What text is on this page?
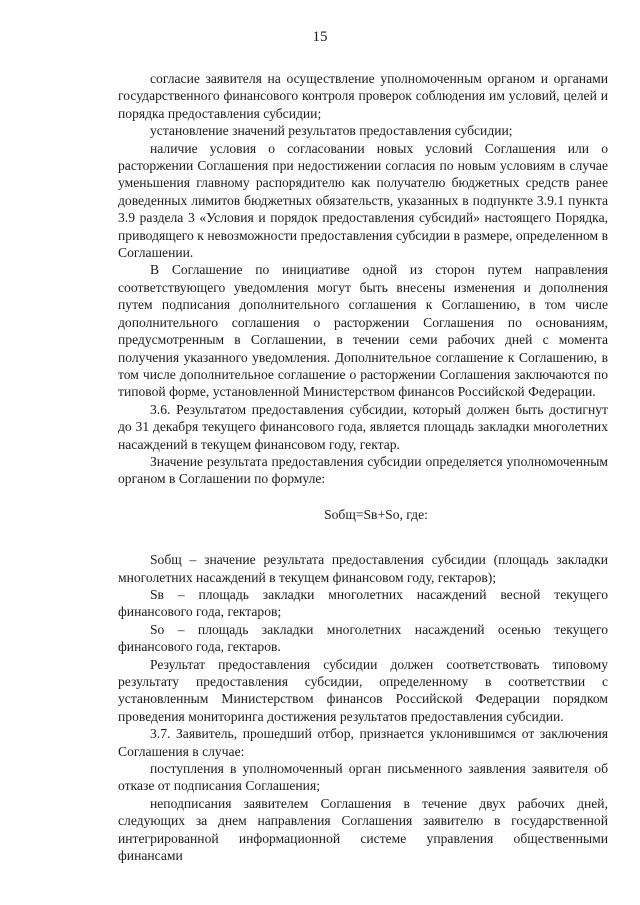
15

согласие заявителя на осуществление уполномоченным органом и органами государственного финансового контроля проверок соблюдения им условий, целей и порядка предоставления субсидии;

установление значений результатов предоставления субсидии;

наличие условия о согласовании новых условий Соглашения или о расторжении Соглашения при недостижении согласия по новым условиям в случае уменьшения главному распорядителю как получателю бюджетных средств ранее доведенных лимитов бюджетных обязательств, указанных в подпункте 3.9.1 пункта 3.9 раздела 3 «Условия и порядок предоставления субсидий» настоящего Порядка, приводящего к невозможности предоставления субсидии в размере, определенном в Соглашении.

В Соглашение по инициативе одной из сторон путем направления соответствующего уведомления могут быть внесены изменения и дополнения путем подписания дополнительного соглашения к Соглашению, в том числе дополнительного соглашения о расторжении Соглашения по основаниям, предусмотренным в Соглашении, в течении семи рабочих дней с момента получения указанного уведомления. Дополнительное соглашение к Соглашению, в том числе дополнительное соглашение о расторжении Соглашения заключаются по типовой форме, установленной Министерством финансов Российской Федерации.

3.6. Результатом предоставления субсидии, который должен быть достигнут до 31 декабря текущего финансового года, является площадь закладки многолетних насаждений в текущем финансовом году, гектар.

Значение результата предоставления субсидии определяется уполномоченным органом в Соглашении по формуле:

Sобщ=Sв+So, где:

Sобщ – значение результата предоставления субсидии (площадь закладки многолетних насаждений в текущем финансовом году, гектаров);

Sв – площадь закладки многолетних насаждений весной текущего финансового года, гектаров;

So – площадь закладки многолетних насаждений осенью текущего финансового года, гектаров.

Результат предоставления субсидии должен соответствовать типовому результату предоставления субсидии, определенному в соответствии с установленным Министерством финансов Российской Федерации порядком проведения мониторинга достижения результатов предоставления субсидии.

3.7. Заявитель, прошедший отбор, признается уклонившимся от заключения Соглашения в случае:

поступления в уполномоченный орган письменного заявления заявителя об отказе от подписания Соглашения;

неподписания заявителем Соглашения в течение двух рабочих дней, следующих за днем направления Соглашения заявителю в государственной интегрированной информационной системе управления общественными финансами
